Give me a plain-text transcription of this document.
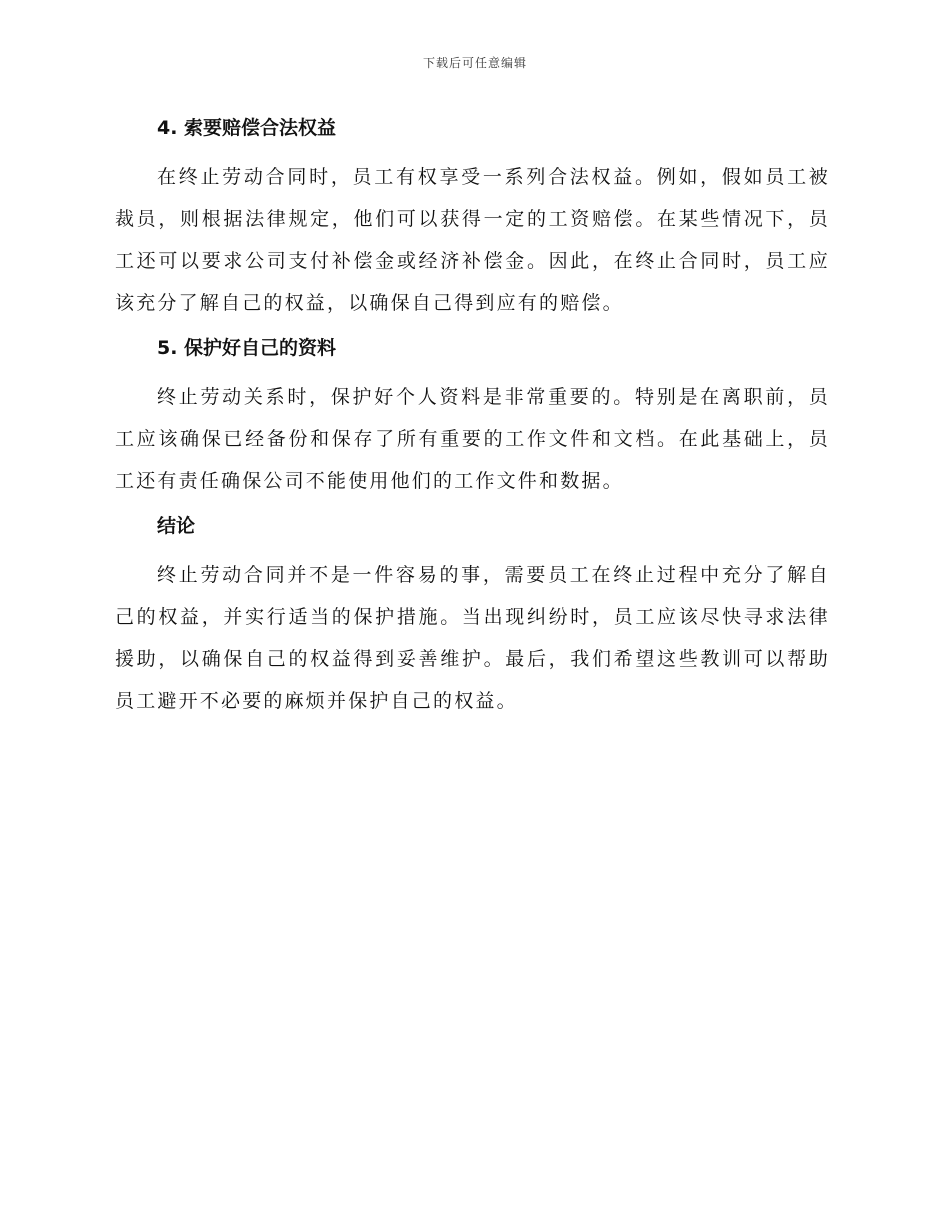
下载后可任意编辑
4. 索要赔偿合法权益

在终止劳动合同时，员工有权享受一系列合法权益。例如，假如员工被裁员，则根据法律规定，他们可以获得一定的工资赔偿。在某些情况下，员工还可以要求公司支付补偿金或经济补偿金。因此，在终止合同时，员工应该充分了解自己的权益，以确保自己得到应有的赔偿。

5. 保护好自己的资料

终止劳动关系时，保护好个人资料是非常重要的。特别是在离职前，员工应该确保已经备份和保存了所有重要的工作文件和文档。在此基础上，员工还有责任确保公司不能使用他们的工作文件和数据。

结论

终止劳动合同并不是一件容易的事，需要员工在终止过程中充分了解自己的权益，并实行适当的保护措施。当出现纠纷时，员工应该尽快寻求法律援助，以确保自己的权益得到妥善维护。最后，我们希望这些教训可以帮助员工避开不必要的麻烦并保护自己的权益。
